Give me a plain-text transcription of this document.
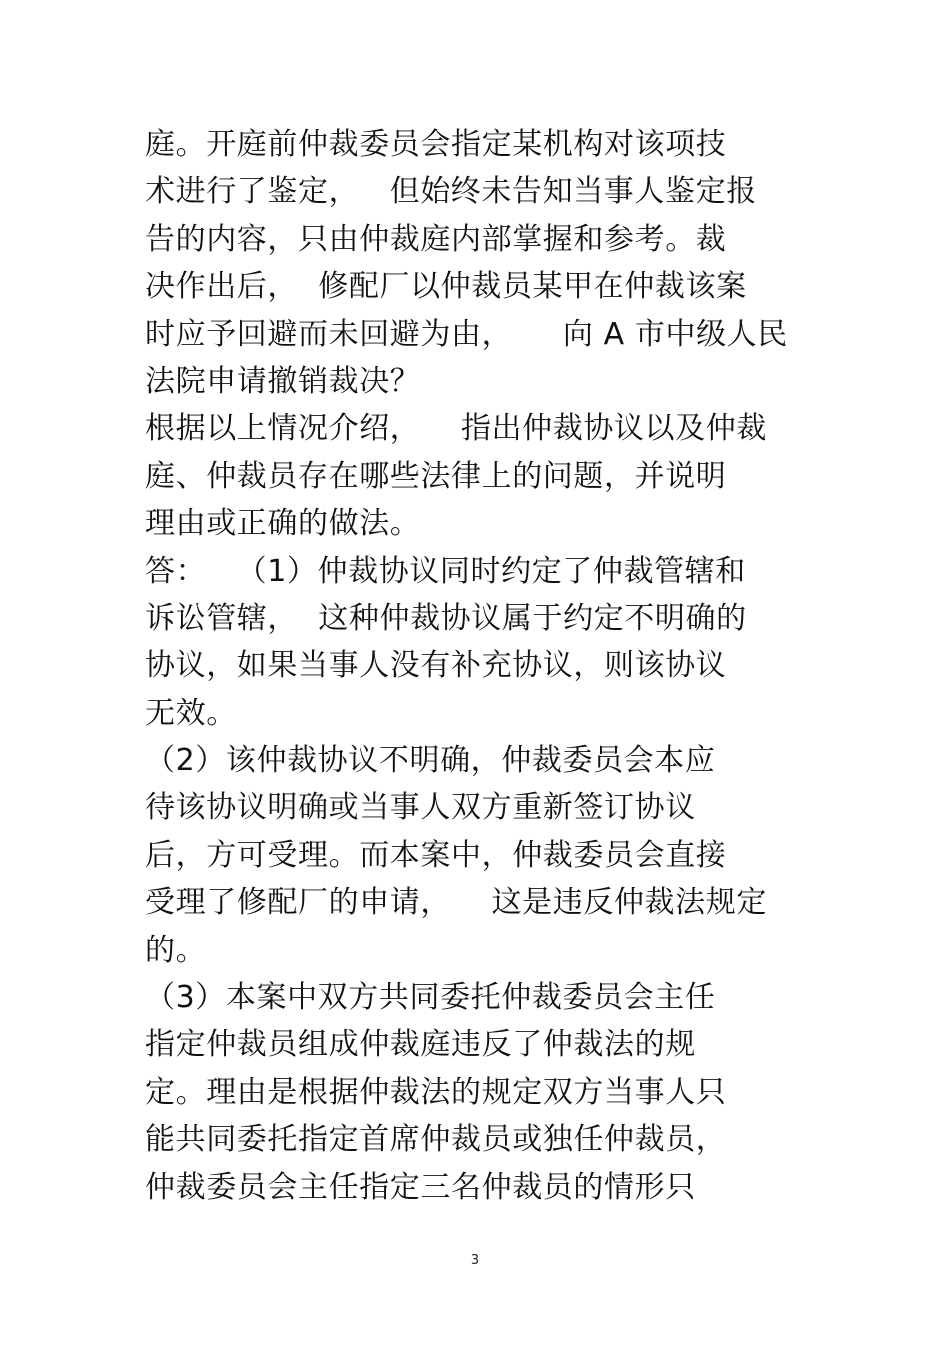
庭。开庭前仲裁委员会指定某机构对该项技
术进行了鉴定，   但始终未告知当事人鉴定报
告的内容，只由仲裁庭内部掌握和参考。裁
决作出后，  修配厂以仲裁员某甲在仲裁该案
时应予回避而未回避为由，     向 A 市中级人民
法院申请撤销裁决？
根据以上情况介绍，    指出仲裁协议以及仲裁
庭、仲裁员存在哪些法律上的问题，并说明
理由或正确的做法。
答：   （1）仲裁协议同时约定了仲裁管辖和
诉讼管辖，  这种仲裁协议属于约定不明确的
协议，如果当事人没有补充协议，则该协议
无效。
（2）该仲裁协议不明确，仲裁委员会本应
待该协议明确或当事人双方重新签订协议
后，方可受理。而本案中，仲裁委员会直接
受理了修配厂的申请，    这是违反仲裁法规定
的。
（3）本案中双方共同委托仲裁委员会主任
指定仲裁员组成仲裁庭违反了仲裁法的规
定。理由是根据仲裁法的规定双方当事人只
能共同委托指定首席仲裁员或独任仲裁员，
仲裁委员会主任指定三名仲裁员的情形只
3
